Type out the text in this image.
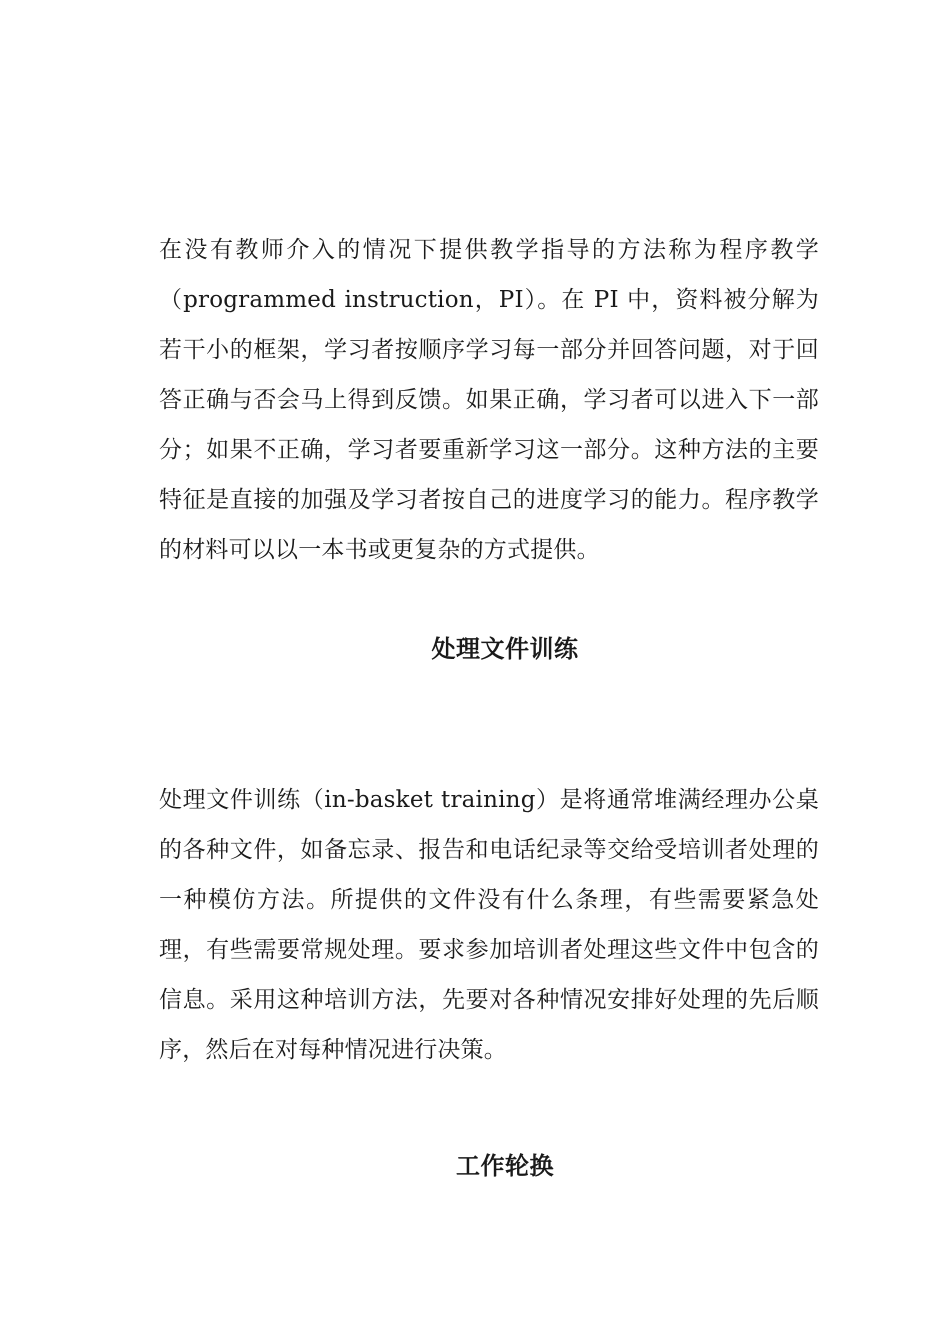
在没有教师介入的情况下提供教学指导的方法称为程序教学（programmed instruction，PI）。在 PI 中，资料被分解为若干小的框架，学习者按顺序学习每一部分并回答问题，对于回答正确与否会马上得到反馈。如果正确，学习者可以进入下一部分；如果不正确，学习者要重新学习这一部分。这种方法的主要特征是直接的加强及学习者按自己的进度学习的能力。程序教学的材料可以以一本书或更复杂的方式提供。

处理文件训练

处理文件训练（in-basket training）是将通常堆满经理办公桌的各种文件，如备忘录、报告和电话纪录等交给受培训者处理的一种模仿方法。所提供的文件没有什么条理，有些需要紧急处理，有些需要常规处理。要求参加培训者处理这些文件中包含的信息。采用这种培训方法，先要对各种情况安排好处理的先后顺序，然后在对每种情况进行决策。

工作轮换
